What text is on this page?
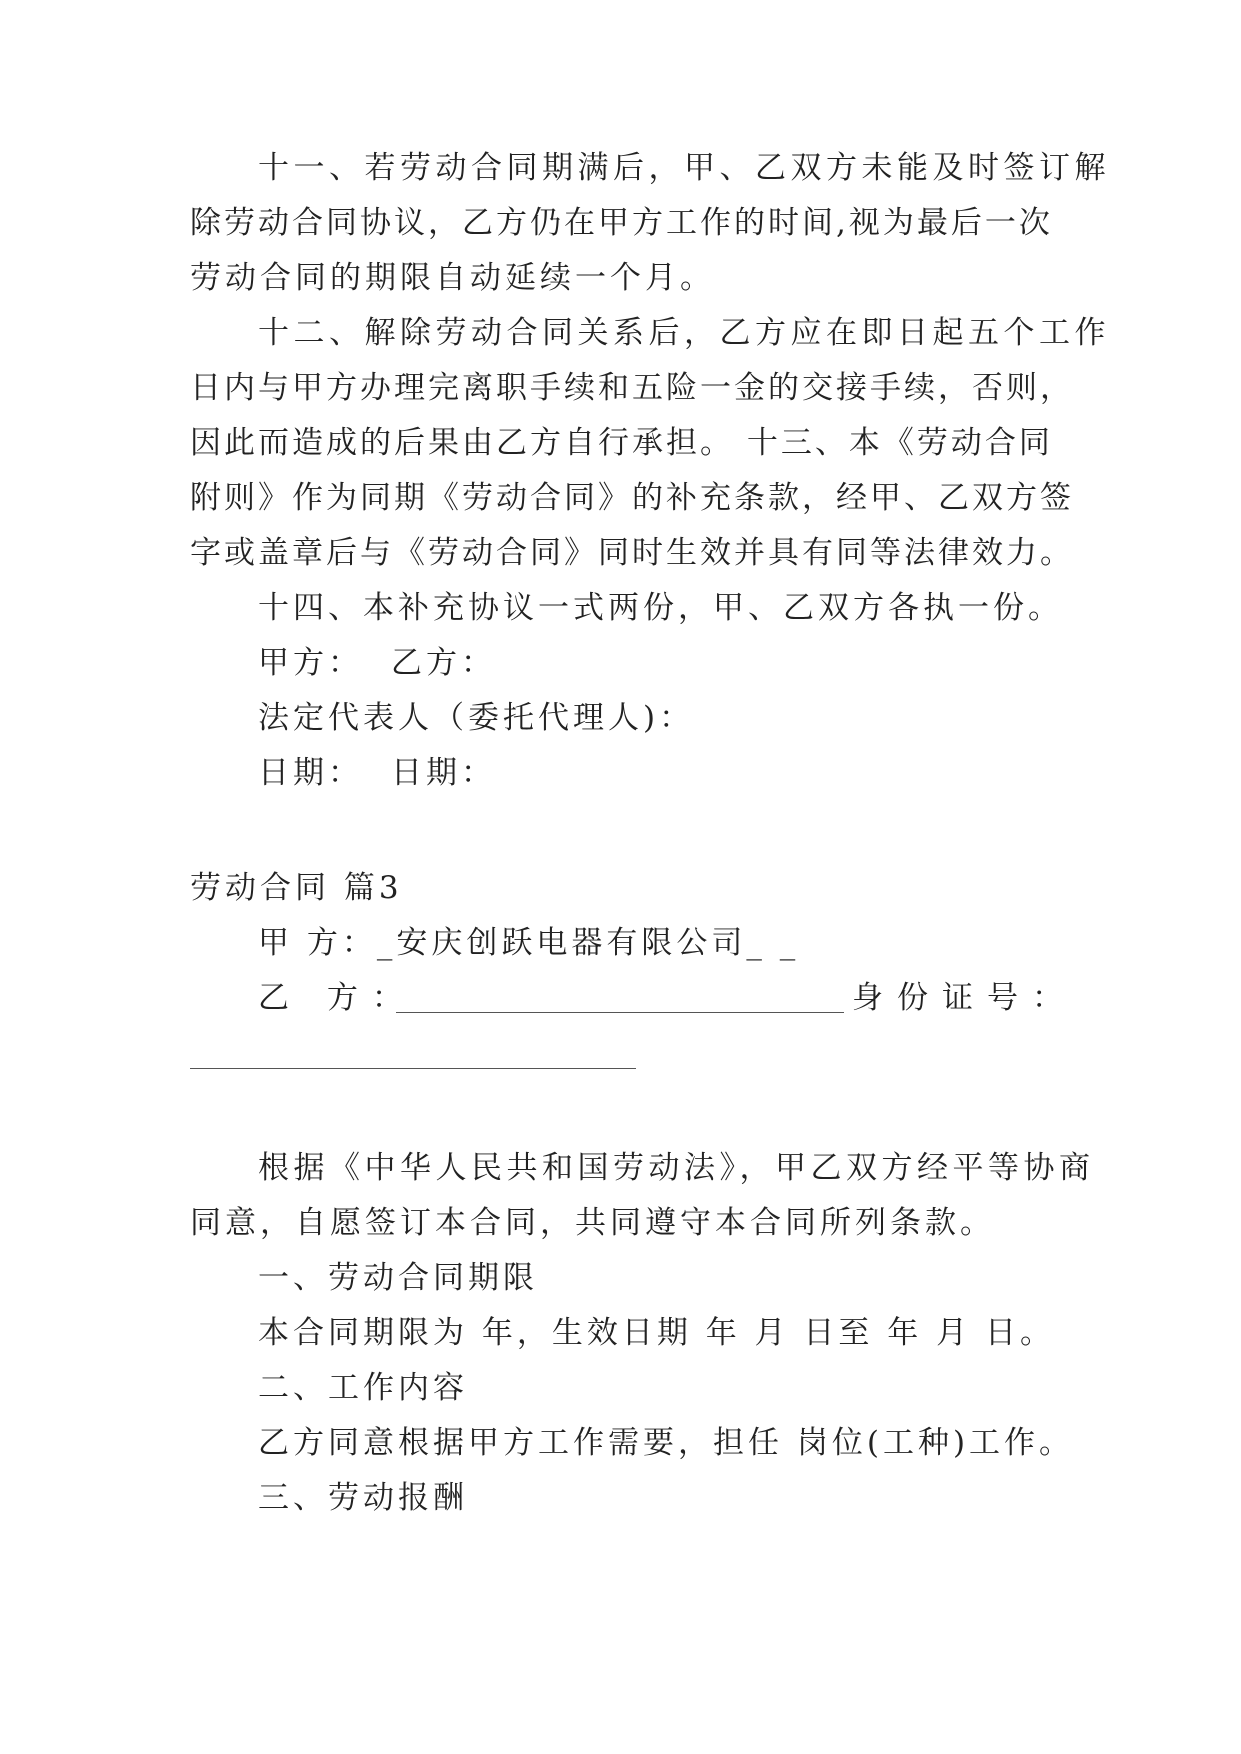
十一、若劳动合同期满后，甲、乙双方未能及时签订解
除劳动合同协议，乙方仍在甲方工作的时间,视为最后一次
劳动合同的期限自动延续一个月。
十二、解除劳动合同关系后，乙方应在即日起五个工作
日内与甲方办理完离职手续和五险一金的交接手续，否则，
因此而造成的后果由乙方自行承担。 十三、本《劳动合同
附则》作为同期《劳动合同》的补充条款，经甲、乙双方签
字或盖章后与《劳动合同》同时生效并具有同等法律效力。
十四、本补充协议一式两份，甲、乙双方各执一份。
甲方： 乙方：
法定代表人（委托代理人)：
日期： 日期：
劳动合同 篇3
甲 方：_安庆创跃电器有限公司_ _
乙 方：	身份证号：
根据《中华人民共和国劳动法》，甲乙双方经平等协商
同意，自愿签订本合同，共同遵守本合同所列条款。
一、劳动合同期限
本合同期限为 年，生效日期 年 月 日至 年 月 日。
二、工作内容
乙方同意根据甲方工作需要，担任 岗位(工种)工作。
三、劳动报酬
